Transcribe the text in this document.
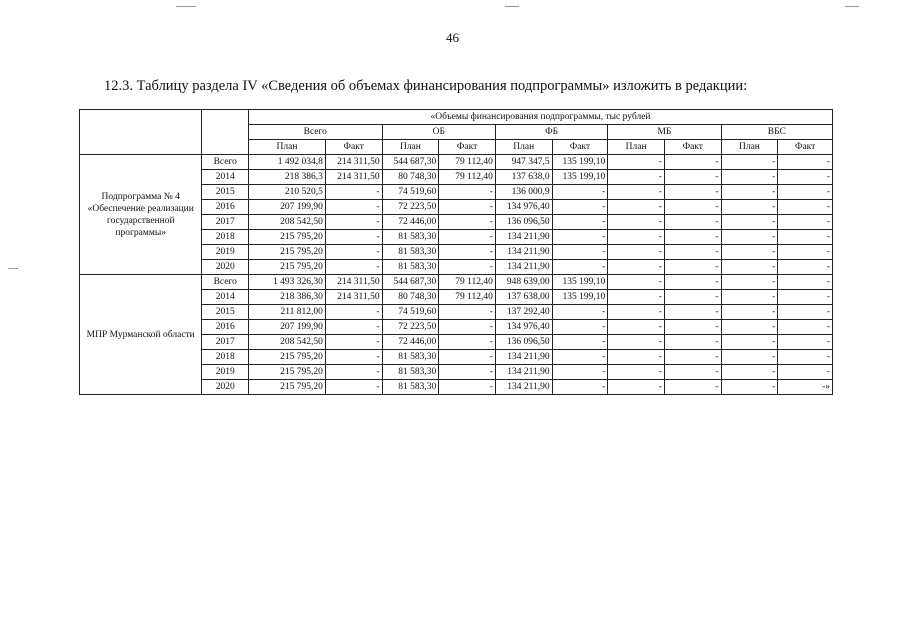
46
12.3. Таблицу раздела IV «Сведения об объемах финансирования подпрограммы» изложить в редакции:
		«Объемы финансирования подпрограммы, тыс рублей									
		Всего		ОБ		ФБ		МБ		ВБС	
		План	Факт	План	Факт	План	Факт	План	Факт	План	Факт
Подпрограмма № 4 «Обеспечение реализации государственной программы»	Всего	1 492 034,8	214 311,50	544 687,30	79 112,40	947 347,5	135 199,10	-	-	-	-
	2014	218 386,3	214 311,50	80 748,30	79 112,40	137 638,0	135 199,10	-	-	-	-
	2015	210 520,5	-	74 519,60	-	136 000,9	-	-	-	-	-
	2016	207 199,90	-	72 223,50	-	134 976,40	-	-	-	-	-
	2017	208 542,50	-	72 446,00	-	136 096,50	-	-	-	-	-
	2018	215 795,20	-	81 583,30	-	134 211,90	-	-	-	-	-
	2019	215 795,20	-	81 583,30	-	134 211,90	-	-	-	-	-
	2020	215 795,20	-	81 583,30	-	134 211,90	-	-	-	-	-
МПР Мурманской области	Всего	1 493 326,30	214 311,50	544 687,30	79 112,40	948 639,00	135 199,10	-	-	-	-
	2014	218 386,30	214 311,50	80 748,30	79 112,40	137 638,00	135 199,10	-	-	-	-
	2015	211 812,00	-	74 519,60	-	137 292,40	-	-	-	-	-
	2016	207 199,90	-	72 223,50	-	134 976,40	-	-	-	-	-
	2017	208 542,50	-	72 446,00	-	136 096,50	-	-	-	-	-
	2018	215 795,20	-	81 583,30	-	134 211,90	-	-	-	-	-
	2019	215 795,20	-	81 583,30	-	134 211,90	-	-	-	-	-
	2020	215 795,20	-	81 583,30	-	134 211,90	-	-	-	-	-»
